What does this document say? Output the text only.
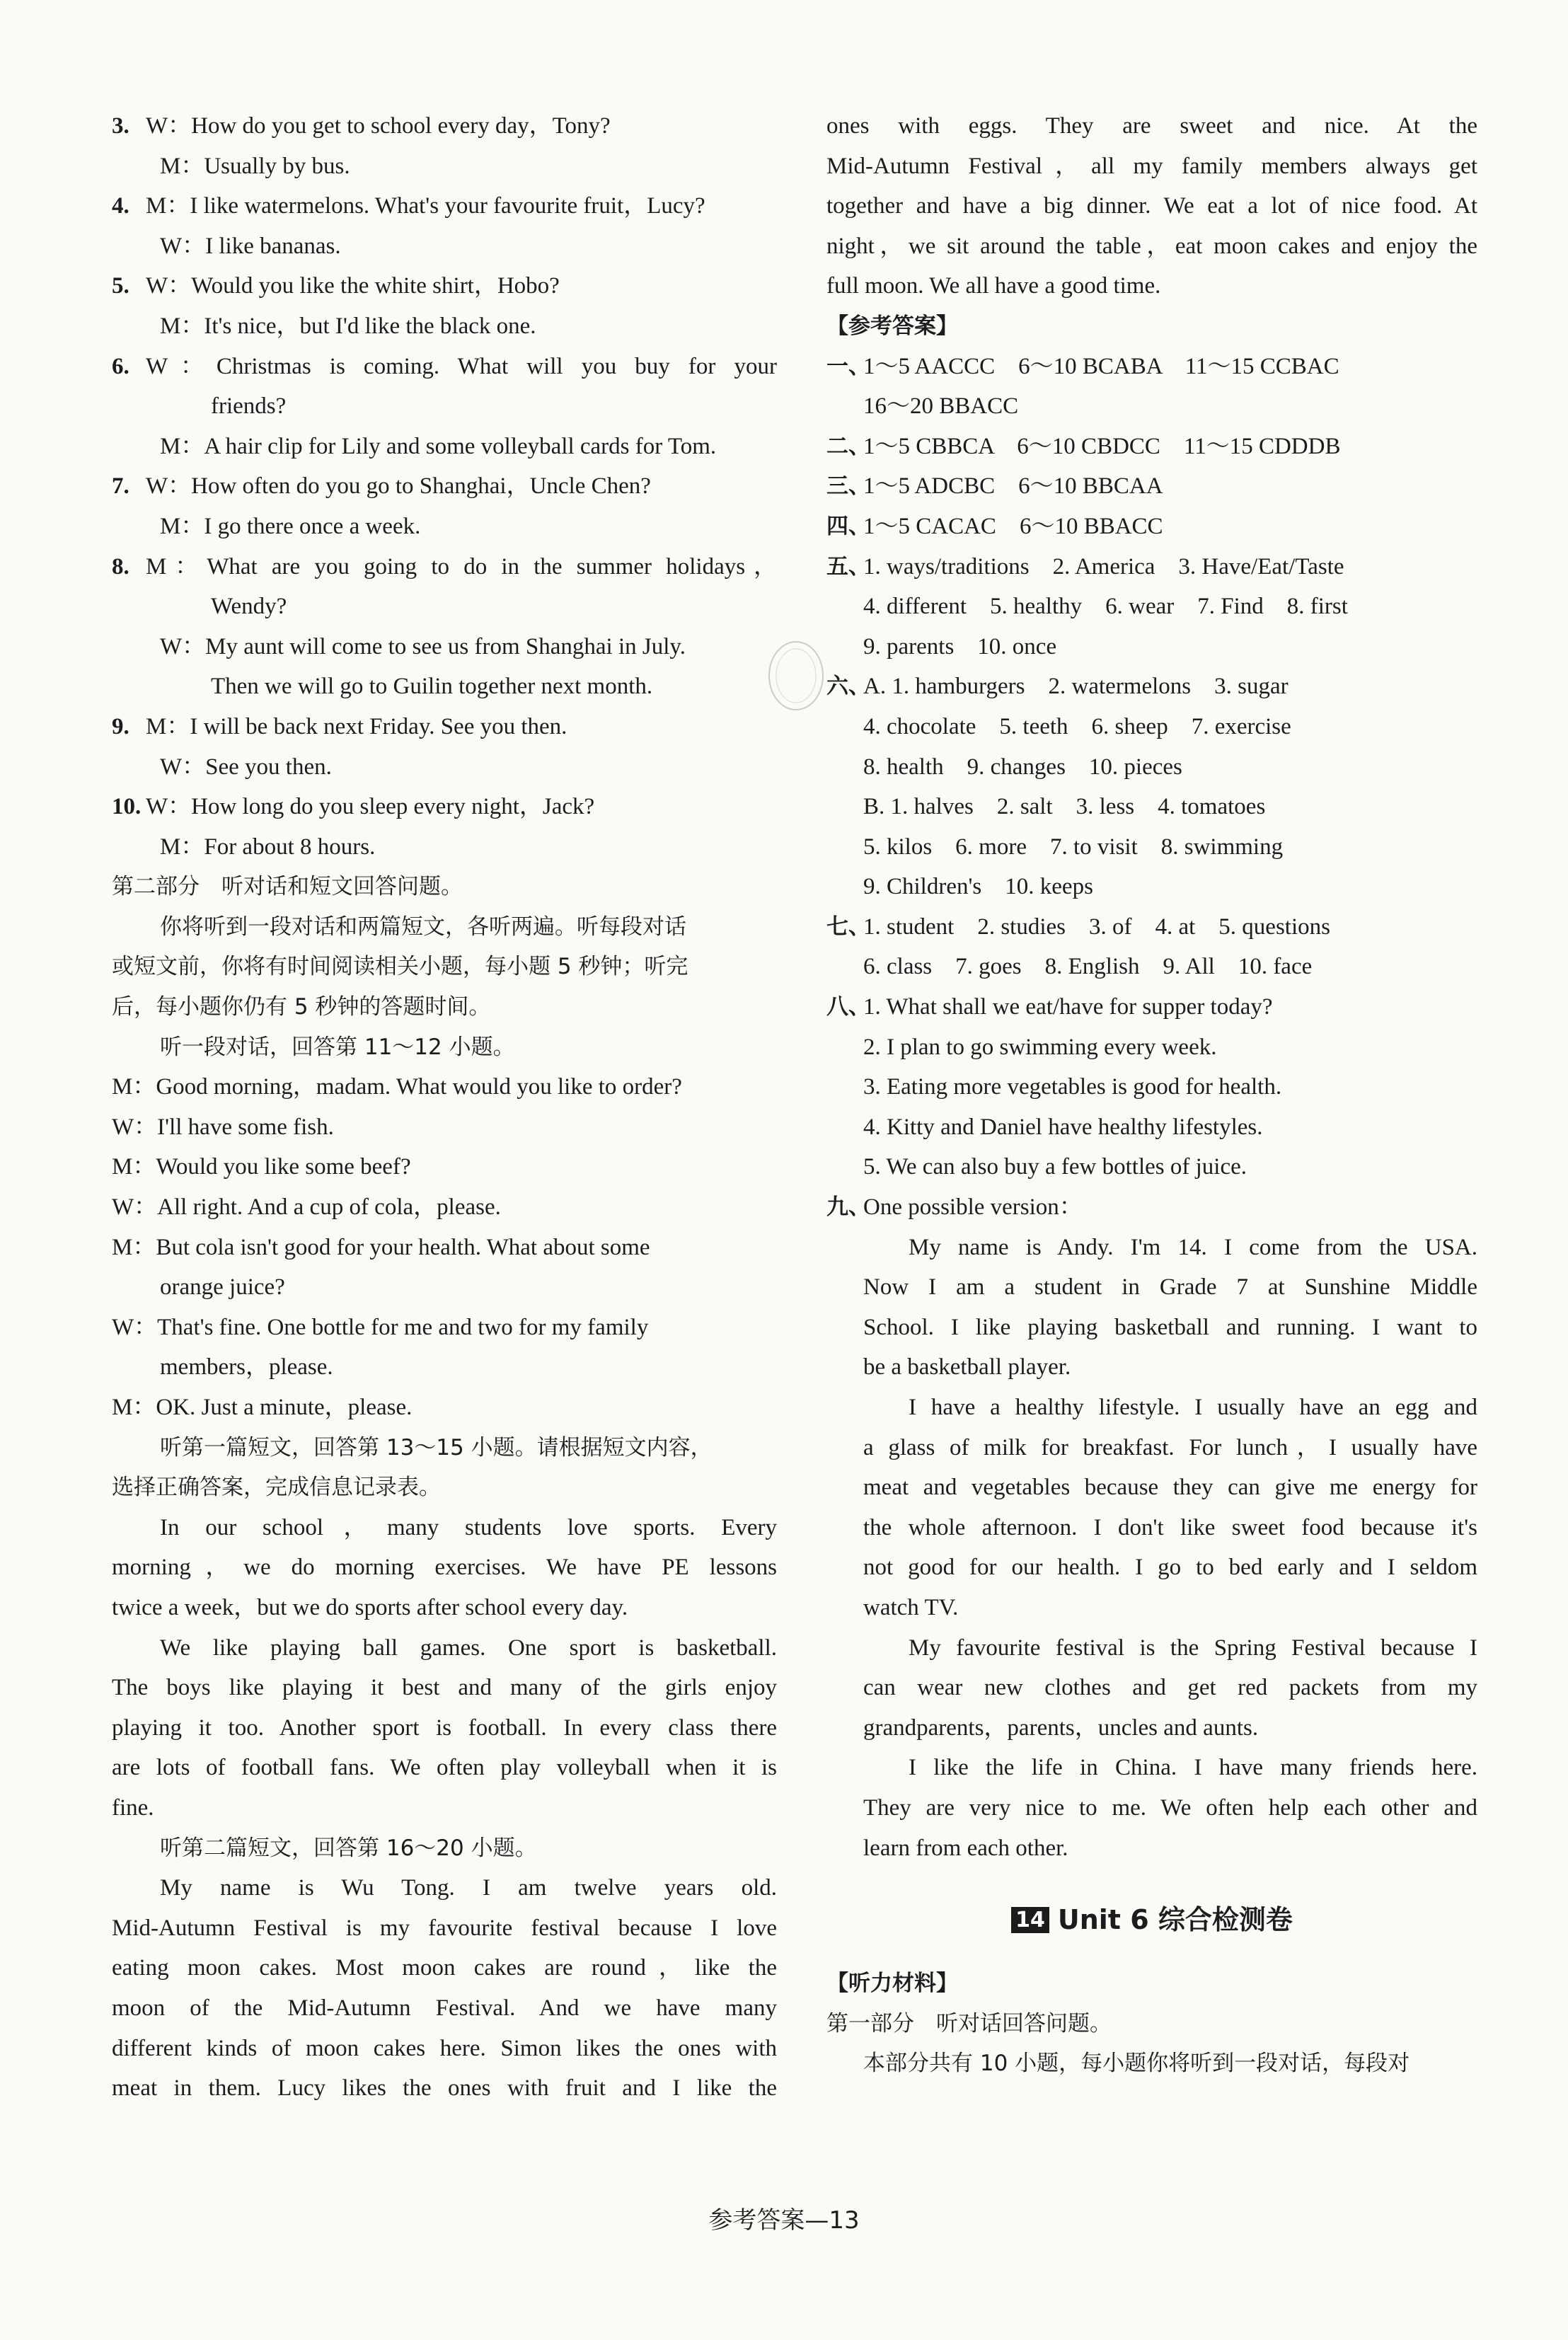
3. W：How do you get to school every day，Tony?
M：Usually by bus.
4. M：I like watermelons. What's your favourite fruit，Lucy?
W：I like bananas.
5. W：Would you like the white shirt，Hobo?
M：It's nice，but I'd like the black one.
6. W：Christmas is coming. What will you buy for your
friends?
M：A hair clip for Lily and some volleyball cards for Tom.
7. W：How often do you go to Shanghai，Uncle Chen?
M：I go there once a week.
8. M：What are you going to do in the summer holidays，
Wendy?
W：My aunt will come to see us from Shanghai in July.
Then we will go to Guilin together next month.
9. M：I will be back next Friday. See you then.
W：See you then.
10. W：How long do you sleep every night，Jack?
M：For about 8 hours.
第二部分　听对话和短文回答问题。
你将听到一段对话和两篇短文，各听两遍。听每段对话
或短文前，你将有时间阅读相关小题，每小题 5 秒钟；听完
后，每小题你仍有 5 秒钟的答题时间。
听一段对话，回答第 11～12 小题。
M：Good morning，madam. What would you like to order?
W：I'll have some fish.
M：Would you like some beef?
W：All right. And a cup of cola，please.
M：But cola isn't good for your health. What about some
orange juice?
W：That's fine. One bottle for me and two for my family
members，please.
M：OK. Just a minute，please.
听第一篇短文，回答第 13～15 小题。请根据短文内容，
选择正确答案，完成信息记录表。
In our school，many students love sports. Every
morning，we do morning exercises. We have PE lessons
twice a week，but we do sports after school every day.
We like playing ball games. One sport is basketball.
The boys like playing it best and many of the girls enjoy
playing it too. Another sport is football. In every class there
are lots of football fans. We often play volleyball when it is
fine.
听第二篇短文，回答第 16～20 小题。
My name is Wu Tong. I am twelve years old.
Mid-Autumn Festival is my favourite festival because I love
eating moon cakes. Most moon cakes are round，like the
moon of the Mid-Autumn Festival. And we have many
different kinds of moon cakes here. Simon likes the ones with
meat in them. Lucy likes the ones with fruit and I like the
ones with eggs. They are sweet and nice. At the
Mid-Autumn Festival，all my family members always get
together and have a big dinner. We eat a lot of nice food. At
night，we sit around the table，eat moon cakes and enjoy the
full moon. We all have a good time.
【参考答案】
一、1～5 AACCC　6～10 BCABA　11～15 CCBAC
16～20 BBACC
二、1～5 CBBCA　6～10 CBDCC　11～15 CDDDB
三、1～5 ADCBC　6～10 BBCAA
四、1～5 CACAC　6～10 BBACC
五、1. ways/traditions　2. America　3. Have/Eat/Taste
4. different　5. healthy　6. wear　7. Find　8. first
9. parents　10. once
六、A. 1. hamburgers　2. watermelons　3. sugar
4. chocolate　5. teeth　6. sheep　7. exercise
8. health　9. changes　10. pieces
B. 1. halves　2. salt　3. less　4. tomatoes
5. kilos　6. more　7. to visit　8. swimming
9. Children's　10. keeps
七、1. student　2. studies　3. of　4. at　5. questions
6. class　7. goes　8. English　9. All　10. face
八、1. What shall we eat/have for supper today?
2. I plan to go swimming every week.
3. Eating more vegetables is good for health.
4. Kitty and Daniel have healthy lifestyles.
5. We can also buy a few bottles of juice.
九、One possible version：
My name is Andy. I'm 14. I come from the USA.
Now I am a student in Grade 7 at Sunshine Middle
School. I like playing basketball and running. I want to
be a basketball player.
I have a healthy lifestyle. I usually have an egg and
a glass of milk for breakfast. For lunch，I usually have
meat and vegetables because they can give me energy for
the whole afternoon. I don't like sweet food because it's
not good for our health. I go to bed early and I seldom
watch TV.
My favourite festival is the Spring Festival because I
can wear new clothes and get red packets from my
grandparents，parents，uncles and aunts.
I like the life in China. I have many friends here.
They are very nice to me. We often help each other and
learn from each other.
14 Unit 6 综合检测卷
【听力材料】
第一部分　听对话回答问题。
本部分共有 10 小题，每小题你将听到一段对话，每段对
参考答案—13
